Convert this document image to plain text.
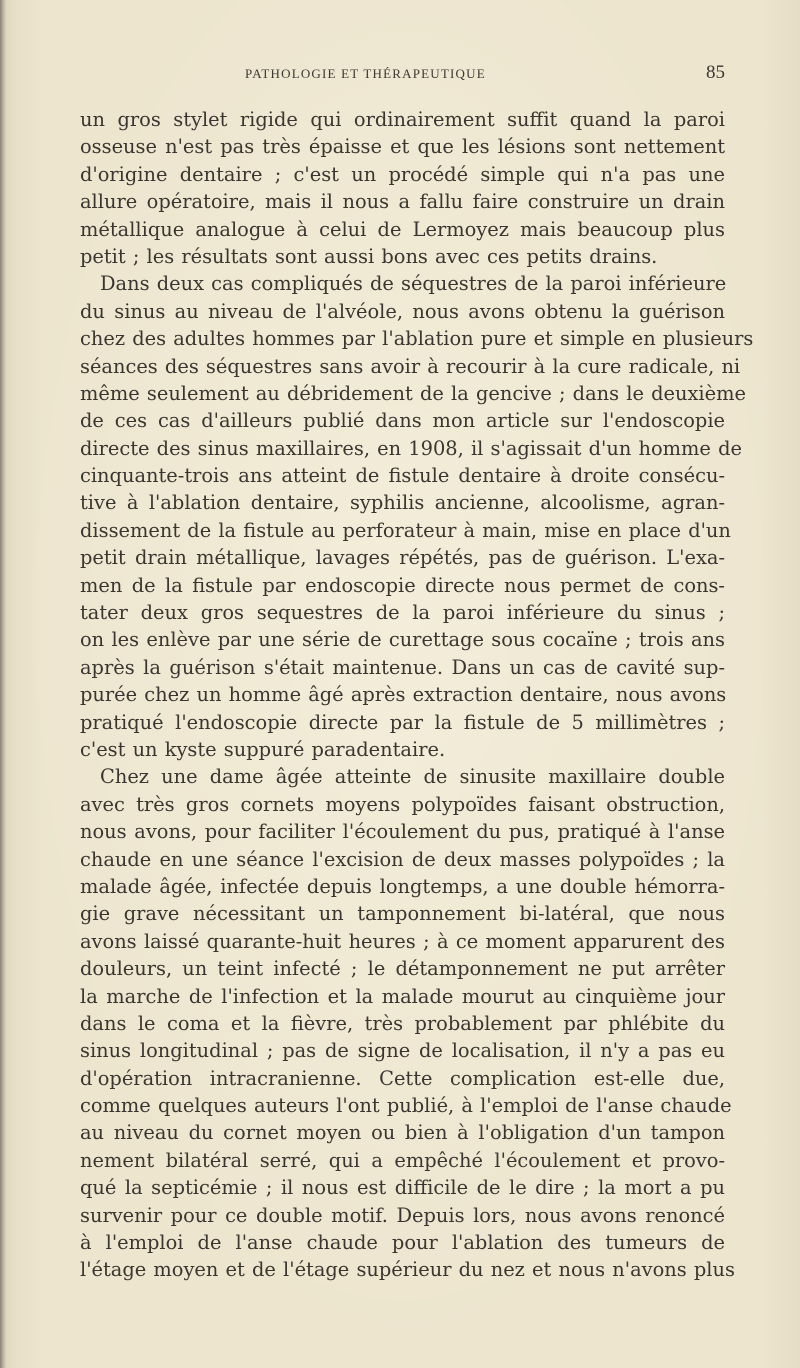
PATHOLOGIE ET THÉRAPEUTIQUE	85
un gros stylet rigide qui ordinairement suffit quand la paroi
osseuse n'est pas très épaisse et que les lésions sont nettement
d'origine dentaire ; c'est un procédé simple qui n'a pas une
allure opératoire, mais il nous a fallu faire construire un drain
métallique analogue à celui de Lermoyez mais beaucoup plus
petit ; les résultats sont aussi bons avec ces petits drains.
Dans deux cas compliqués de séquestres de la paroi inférieure
du sinus au niveau de l'alvéole, nous avons obtenu la guérison
chez des adultes hommes par l'ablation pure et simple en plusieurs
séances des séquestres sans avoir à recourir à la cure radicale, ni
même seulement au débridement de la gencive ; dans le deuxième
de ces cas d'ailleurs publié dans mon article sur l'endoscopie
directe des sinus maxillaires, en 1908, il s'agissait d'un homme de
cinquante-trois ans atteint de fistule dentaire à droite consécu-
tive à l'ablation dentaire, syphilis ancienne, alcoolisme, agran-
dissement de la fistule au perforateur à main, mise en place d'un
petit drain métallique, lavages répétés, pas de guérison. L'exa-
men de la fistule par endoscopie directe nous permet de cons-
tater deux gros sequestres de la paroi inférieure du sinus ;
on les enlève par une série de curettage sous cocaïne ; trois ans
après la guérison s'était maintenue. Dans un cas de cavité sup-
purée chez un homme âgé après extraction dentaire, nous avons
pratiqué l'endoscopie directe par la fistule de 5 millimètres ;
c'est un kyste suppuré paradentaire.
Chez une dame âgée atteinte de sinusite maxillaire double
avec très gros cornets moyens polypoïdes faisant obstruction,
nous avons, pour faciliter l'écoulement du pus, pratiqué à l'anse
chaude en une séance l'excision de deux masses polypoïdes ; la
malade âgée, infectée depuis longtemps, a une double hémorra-
gie grave nécessitant un tamponnement bi-latéral, que nous
avons laissé quarante-huit heures ; à ce moment apparurent des
douleurs, un teint infecté ; le détamponnement ne put arrêter
la marche de l'infection et la malade mourut au cinquième jour
dans le coma et la fièvre, très probablement par phlébite du
sinus longitudinal ; pas de signe de localisation, il n'y a pas eu
d'opération intracranienne. Cette complication est-elle due,
comme quelques auteurs l'ont publié, à l'emploi de l'anse chaude
au niveau du cornet moyen ou bien à l'obligation d'un tampon
nement bilatéral serré, qui a empêché l'écoulement et provo-
qué la septicémie ; il nous est difficile de le dire ; la mort a pu
survenir pour ce double motif. Depuis lors, nous avons renoncé
à l'emploi de l'anse chaude pour l'ablation des tumeurs de
l'étage moyen et de l'étage supérieur du nez et nous n'avons plus
